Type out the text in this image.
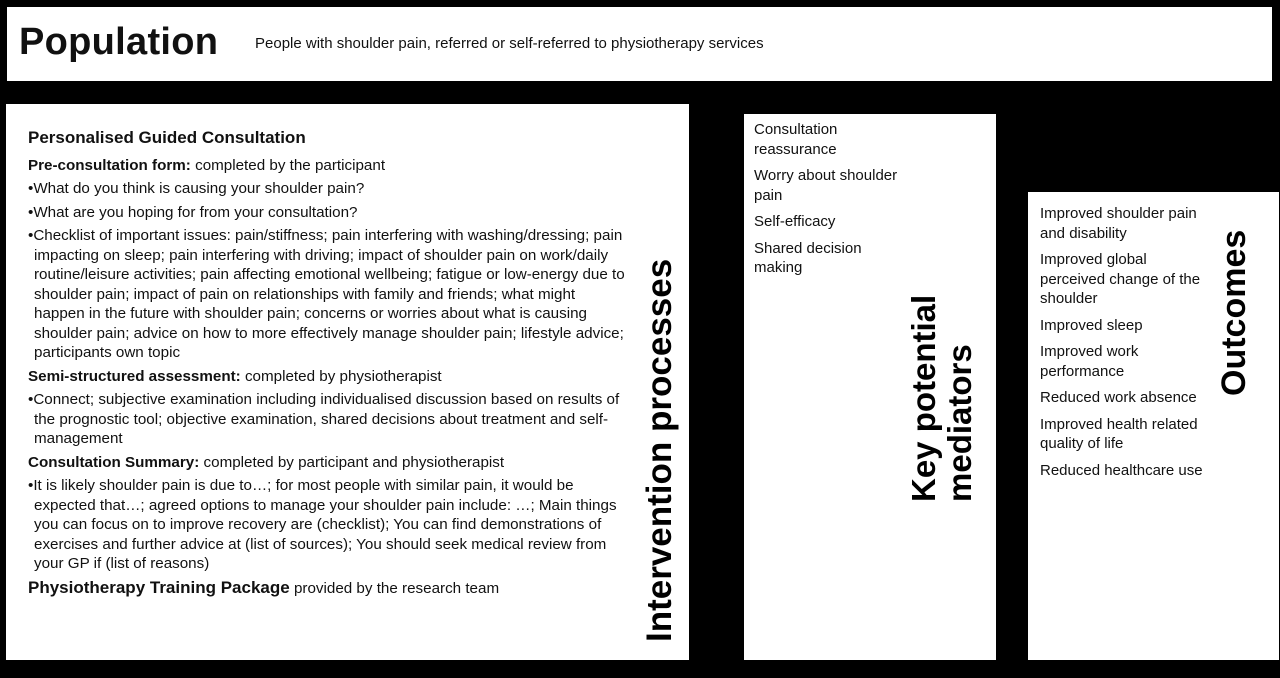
Population People with shoulder pain, referred or self-referred to physiotherapy services

Personalised Guided Consultation

Pre-consultation form: completed by the participant

•What do you think is causing your shoulder pain?

•What are you hoping for from your consultation?

•Checklist of important issues: pain/stiffness; pain interfering with washing/dressing; pain impacting on sleep; pain interfering with driving; impact of shoulder pain on work/daily routine/leisure activities; pain affecting emotional wellbeing; fatigue or low-energy due to shoulder pain; impact of pain on relationships with family and friends; what might happen in the future with shoulder pain; concerns or worries about what is causing shoulder pain; advice on how to more effectively manage shoulder pain; lifestyle advice; participants own topic

Semi-structured assessment: completed by physiotherapist

•Connect; subjective examination including individualised discussion based on results of the prognostic tool; objective examination, shared decisions about treatment and self-management

Consultation Summary: completed by participant and physiotherapist

•It is likely shoulder pain is due to…; for most people with similar pain, it would be expected that…; agreed options to manage your shoulder pain include: …; Main things you can focus on to improve recovery are (checklist); You can find demonstrations of exercises and further advice at (list of sources); You should seek medical review from your GP if (list of reasons)

Physiotherapy Training Package provided by the research team	Intervention processes

Consultation reassurance

Worry about shoulder pain

Self-efficacy

Shared decision making

Key potential mediators

Improved shoulder pain and disability

Improved global perceived change of the shoulder

Improved sleep

Improved work performance

Reduced work absence

Improved health related quality of life

Reduced healthcare use

Outcomes
